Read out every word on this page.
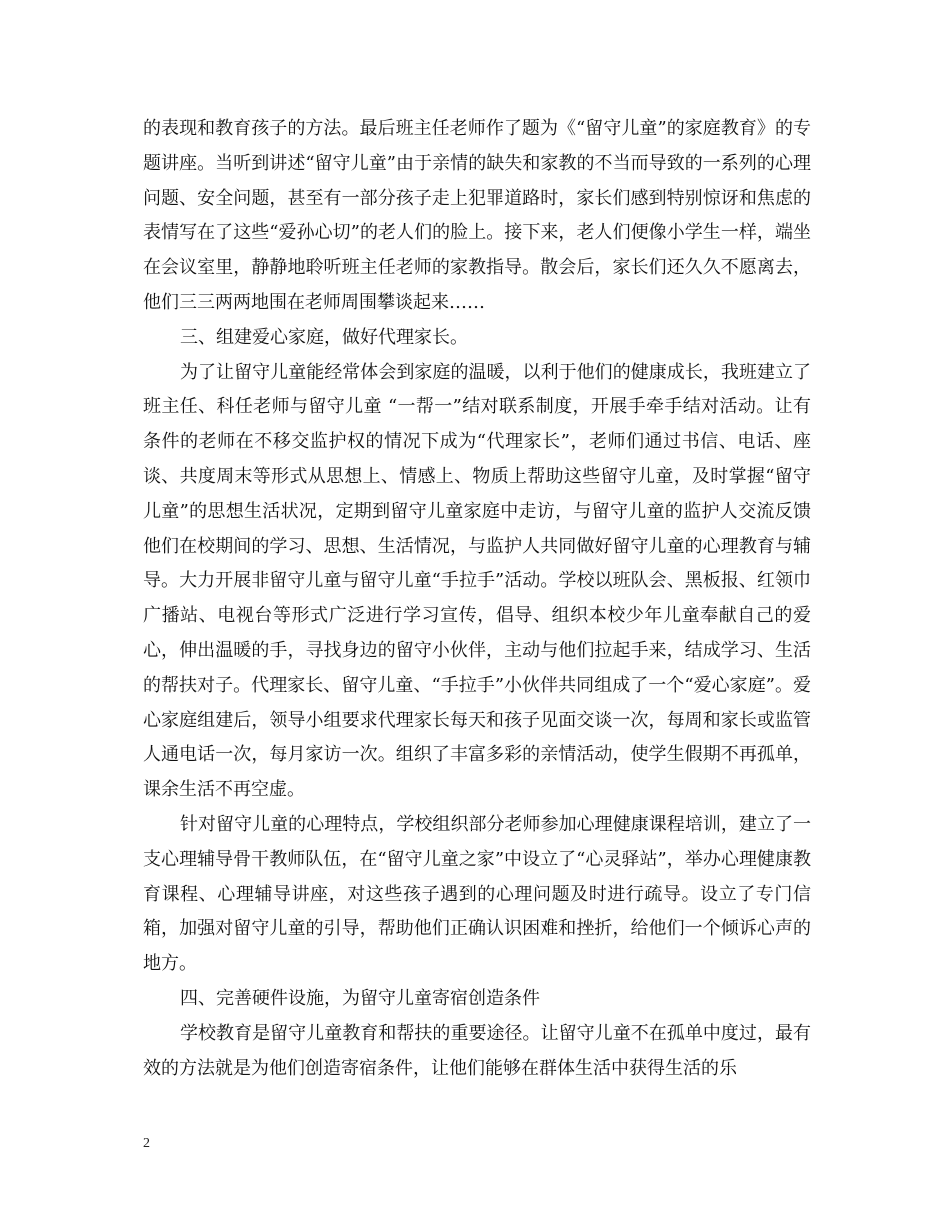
的表现和教育孩子的方法。最后班主任老师作了题为《“留守儿童”的家庭教育》的专题讲座。当听到讲述“留守儿童”由于亲情的缺失和家教的不当而导致的一系列的心理问题、安全问题，甚至有一部分孩子走上犯罪道路时，家长们感到特别惊讶和焦虑的表情写在了这些“爱孙心切”的老人们的脸上。接下来，老人们便像小学生一样，端坐在会议室里，静静地聆听班主任老师的家教指导。散会后，家长们还久久不愿离去，他们三三两两地围在老师周围攀谈起来……

三、组建爱心家庭，做好代理家长。

为了让留守儿童能经常体会到家庭的温暖，以利于他们的健康成长，我班建立了班主任、科任老师与留守儿童 “一帮一”结对联系制度，开展手牵手结对活动。让有条件的老师在不移交监护权的情况下成为“代理家长”，老师们通过书信、电话、座谈、共度周末等形式从思想上、情感上、物质上帮助这些留守儿童，及时掌握“留守儿童”的思想生活状况，定期到留守儿童家庭中走访，与留守儿童的监护人交流反馈他们在校期间的学习、思想、生活情况，与监护人共同做好留守儿童的心理教育与辅导。大力开展非留守儿童与留守儿童“手拉手”活动。学校以班队会、黑板报、红领巾广播站、电视台等形式广泛进行学习宣传，倡导、组织本校少年儿童奉献自己的爱心，伸出温暖的手，寻找身边的留守小伙伴，主动与他们拉起手来，结成学习、生活的帮扶对子。代理家长、留守儿童、“手拉手”小伙伴共同组成了一个“爱心家庭”。爱心家庭组建后，领导小组要求代理家长每天和孩子见面交谈一次，每周和家长或监管人通电话一次，每月家访一次。组织了丰富多彩的亲情活动，使学生假期不再孤单，课余生活不再空虚。

针对留守儿童的心理特点，学校组织部分老师参加心理健康课程培训，建立了一支心理辅导骨干教师队伍，在“留守儿童之家”中设立了“心灵驿站”，举办心理健康教育课程、心理辅导讲座，对这些孩子遇到的心理问题及时进行疏导。设立了专门信箱，加强对留守儿童的引导，帮助他们正确认识困难和挫折，给他们一个倾诉心声的地方。

四、完善硬件设施，为留守儿童寄宿创造条件

学校教育是留守儿童教育和帮扶的重要途径。让留守儿童不在孤单中度过，最有效的方法就是为他们创造寄宿条件，让他们能够在群体生活中获得生活的乐

2
